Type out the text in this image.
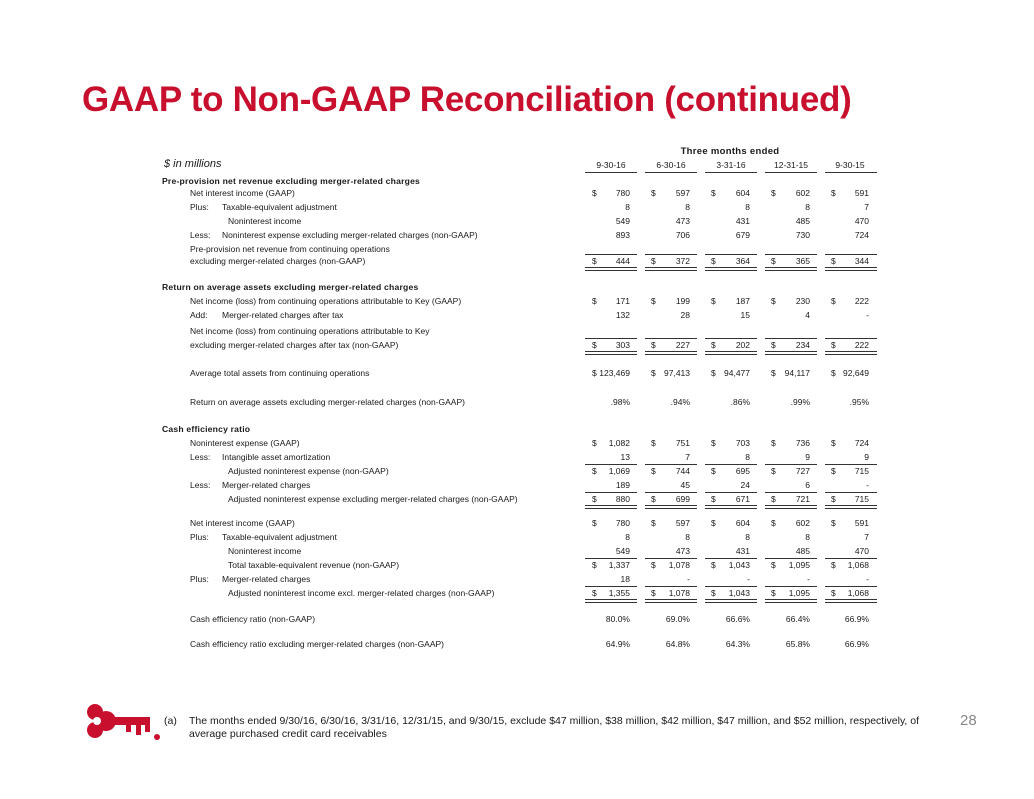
GAAP to Non-GAAP Reconciliation (continued)
$ in millions
Three months ended
9-30-16	6-30-16	3-31-16	12-31-15	9-30-15
Pre-provision net revenue excluding merger-related charges
Net interest income (GAAP)	$	780 $	597 $	604 $	602 $	591
Plus: Taxable-equivalent adjustment	8	8	8	8	7
Noninterest income	549	473	431	485	470
Less: Noninterest expense excluding merger-related charges (non-GAAP)	893	706	679	730	724
Pre-provision net revenue from continuing operations
excluding merger-related charges (non-GAAP)	$	444 $	372 $	364 $	365 $	344
Return on average assets excluding merger-related charges
Net income (loss) from continuing operations attributable to Key (GAAP)	$	171 $	199 $	187 $	230 $	222
Add: Merger-related charges after tax	132	28	15	4	-
Net income (loss) from continuing operations attributable to Key
excluding merger-related charges after tax (non-GAAP)	$	303 $	227 $	202 $	234 $	222
Average total assets from continuing operations	$ 123,469 $ 97,413 $ 94,477 $	94,117 $ 92,649
Return on average assets excluding merger-related charges (non-GAAP)	.98%	.94%	.86%	.99%	.95%
Cash efficiency ratio
Noninterest expense (GAAP)	$	1,082 $	751 $	703 $	736 $	724
Less: Intangible asset amortization	13	7	8	9	9
Adjusted noninterest expense (non-GAAP)	$	1,069 $	744 $	695 $	727 $	715
Less: Merger-related charges	189	45	24	6	-
Adjusted noninterest expense excluding merger-related charges (non-GAAP)	$	880 $	699 $	671 $	721 $	715
Net interest income (GAAP)	$	780 $	597 $	604 $	602 $	591
Plus: Taxable-equivalent adjustment	8	8	8	8	7
Noninterest income	549	473	431	485	470
Total taxable-equivalent revenue (non-GAAP)	$	1,337 $	1,078 $	1,043 $	1,095 $	1,068
Plus: Merger-related charges	18	-	-	-	-
Adjusted noninterest income excl. merger-related charges (non-GAAP)	$	1,355 $	1,078 $	1,043 $	1,095 $	1,068
Cash efficiency ratio (non-GAAP)	80.0%	69.0%	66.6%	66.4%	66.9%
Cash efficiency ratio excluding merger-related charges (non-GAAP)	64.9%	64.8%	64.3%	65.8%	66.9%
(a) The months ended 9/30/16, 6/30/16, 3/31/16, 12/31/15, and 9/30/15, exclude $47 million, $38 million, $42 million, $47 million, and $52 million, respectively, of average purchased credit card receivables
28
